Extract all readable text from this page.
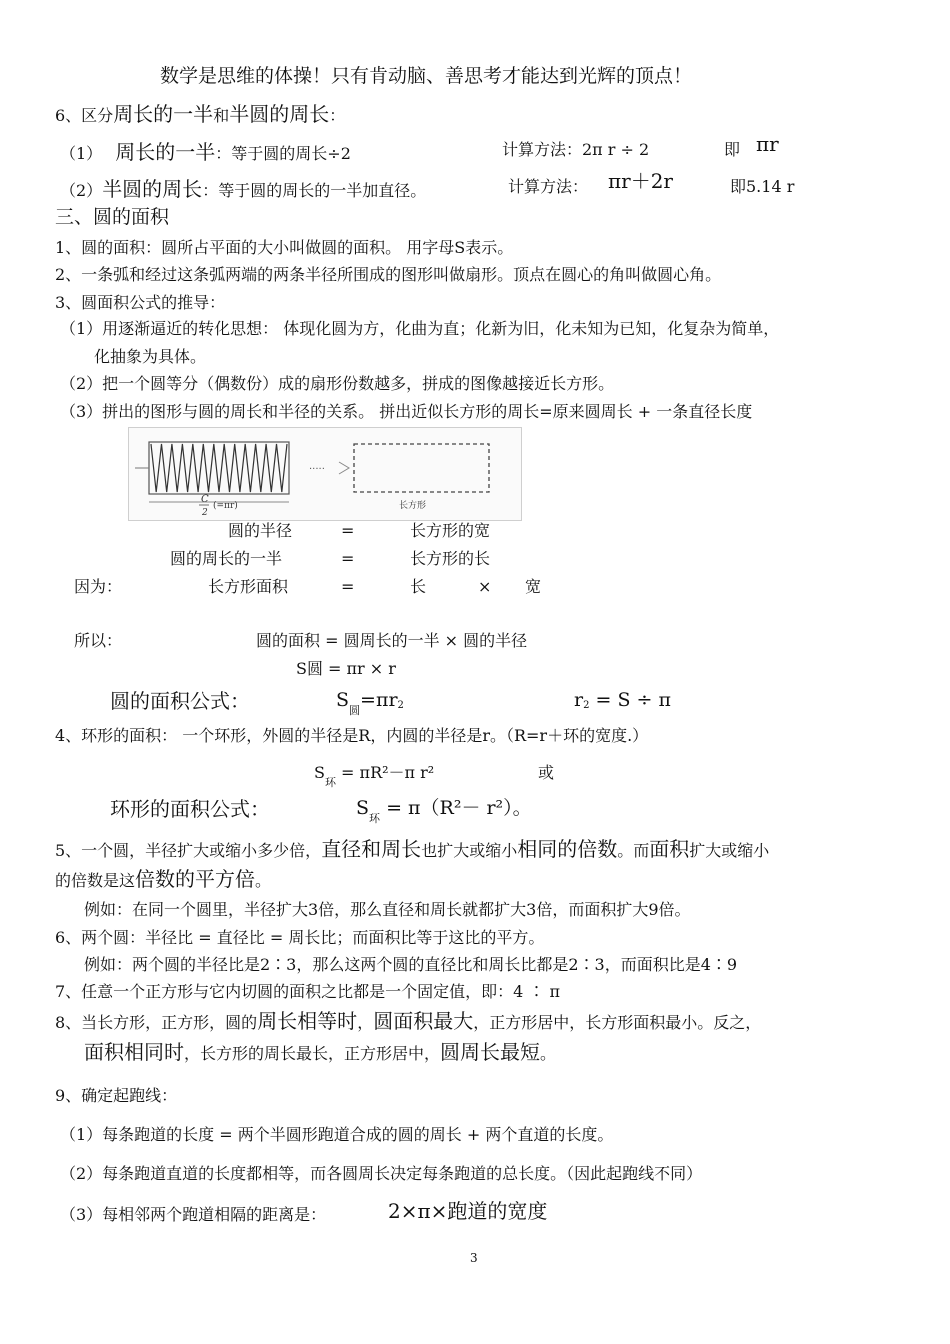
数学是思维的体操！只有肯动脑、善思考才能达到光辉的顶点！
6、区分周长的一半和半圆的周长：
（1） 周长的一半：等于圆的周长÷2	计算方法：2π r ÷ 2	即 πr
（2）半圆的周长：等于圆的周长的一半加直径。	计算方法： πr＋2r	即5.14 r
三、圆的面积
1、圆的面积：圆所占平面的大小叫做圆的面积。 用字母S表示。
2、一条弧和经过这条弧两端的两条半径所围成的图形叫做扇形。顶点在圆心的角叫做圆心角。
3、圆面积公式的推导：
（1）用逐渐逼近的转化思想： 体现化圆为方，化曲为直；化新为旧，化未知为已知，化复杂为简单，
化抽象为具体。
（2）把一个圆等分（偶数份）成的扇形份数越多，拼成的图像越接近长方形。
（3）拼出的图形与圆的周长和半径的关系。 拼出近似长方形的周长=原来圆周长 + 一条直径长度
·····
C
2
(=πr)	长方形
圆的半径	=	长方形的宽
圆的周长的一半	=	长方形的长
因为：	长方形面积	=	长	× 宽
所以：	圆的面积 = 圆周长的一半 × 圆的半径
S圆 = πr × r
圆的面积公式：	$S_圆=\pi r2$	r2 = S ÷ π
4、环形的面积： 一个环形，外圆的半径是R，内圆的半径是r。（R=r＋环的宽度.）
$S_环 = \pi R^2-\pi$ r²	或
环形的面积公式：	$S_环 = \pi(R^2- r^2)$。
5、一个圆，半径扩大或缩小多少倍，直径和周长也扩大或缩小相同的倍数。而面积扩大或缩小
的倍数是这倍数的平方倍。
例如：在同一个圆里，半径扩大3倍，那么直径和周长就都扩大3倍，而面积扩大9倍。
6、两个圆：半径比 = 直径比 = 周长比；而面积比等于这比的平方。
例如：两个圆的半径比是2∶3，那么这两个圆的直径比和周长比都是2∶3，而面积比是4∶9
7、任意一个正方形与它内切圆的面积之比都是一个固定值，即：4 ∶ π
8、当长方形，正方形，圆的周长相等时，圆面积最大，正方形居中，长方形面积最小。反之，
面积相同时，长方形的周长最长，正方形居中，圆周长最短。
9、确定起跑线：
（1）每条跑道的长度 = 两个半圆形跑道合成的圆的周长 + 两个直道的长度。
（2）每条跑道直道的长度都相等，而各圆周长决定每条跑道的总长度。（因此起跑线不同）
（3）每相邻两个跑道相隔的距离是：	2×π×跑道的宽度
3
